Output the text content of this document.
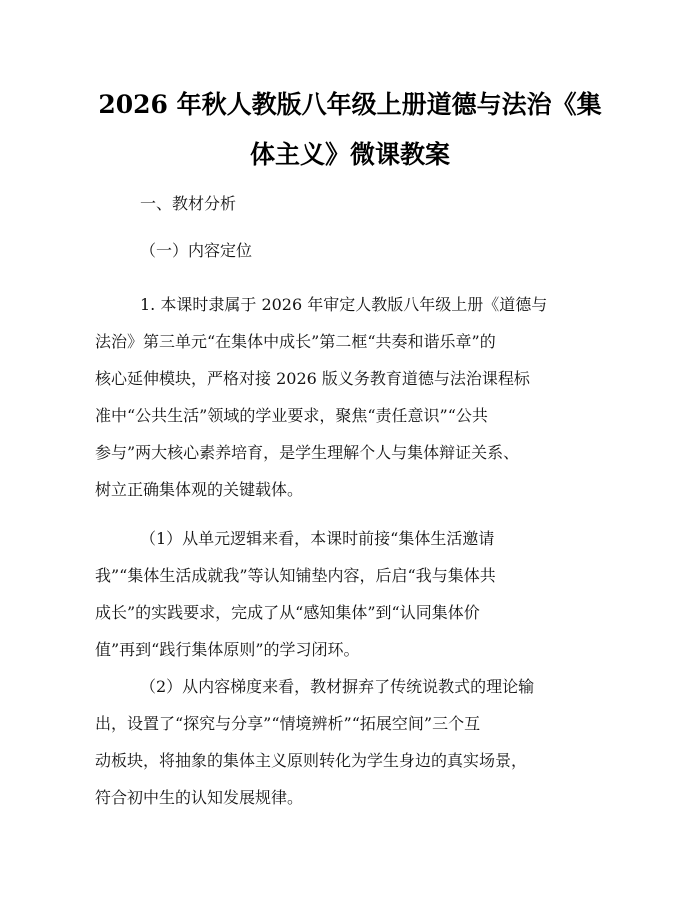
2026 年秋人教版八年级上册道德与法治《集
体主义》微课教案

一、教材分析

（一）内容定位

1. 本课时隶属于 2026 年审定人教版八年级上册《道德与
法治》第三单元“在集体中成长”第二框“共奏和谐乐章”的
核心延伸模块，严格对接 2026 版义务教育道德与法治课程标
准中“公共生活”领域的学业要求，聚焦“责任意识”“公共
参与”两大核心素养培育，是学生理解个人与集体辩证关系、
树立正确集体观的关键载体。

（1）从单元逻辑来看，本课时前接“集体生活邀请
我”“集体生活成就我”等认知铺垫内容，后启“我与集体共
成长”的实践要求，完成了从“感知集体”到“认同集体价
值”再到“践行集体原则”的学习闭环。

（2）从内容梯度来看，教材摒弃了传统说教式的理论输
出，设置了“探究与分享”“情境辨析”“拓展空间”三个互
动板块，将抽象的集体主义原则转化为学生身边的真实场景，
符合初中生的认知发展规律。
